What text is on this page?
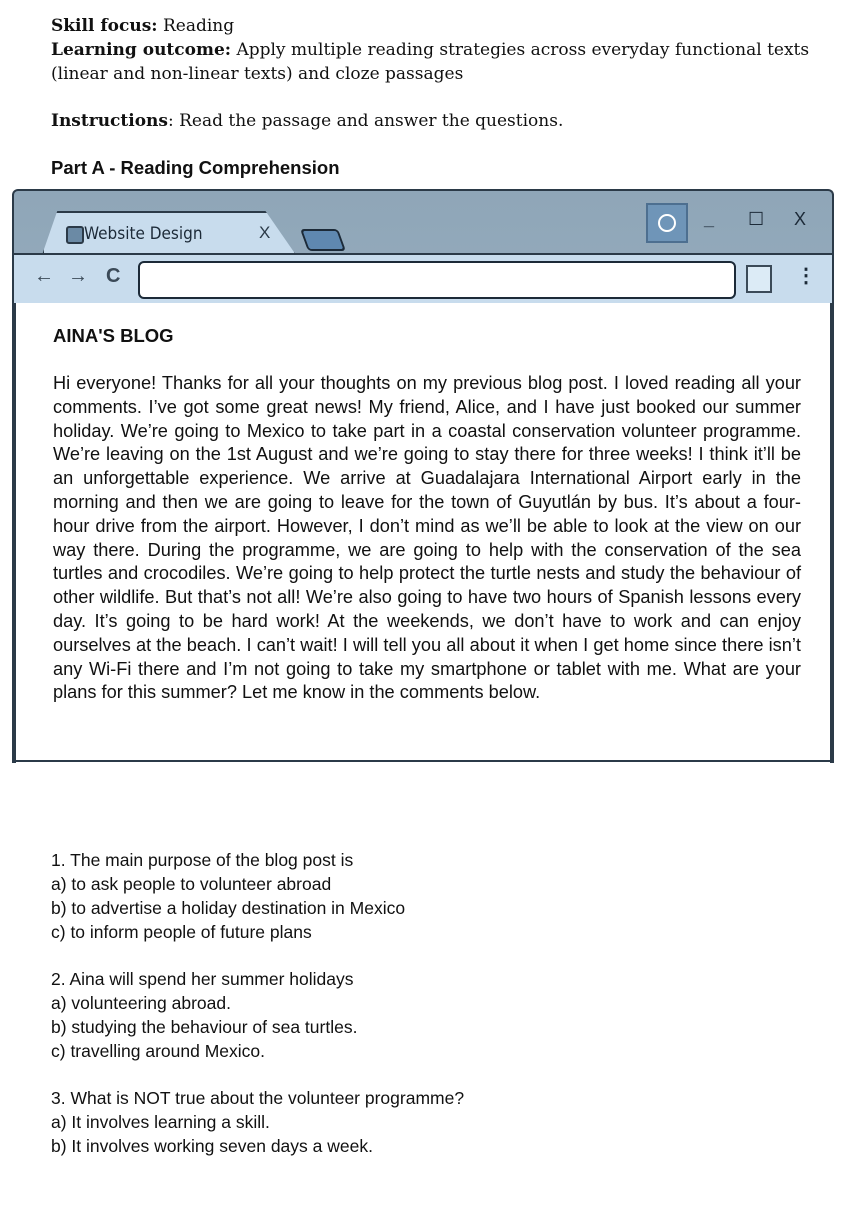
Skill focus: Reading
Learning outcome: Apply multiple reading strategies across everyday functional texts
(linear and non-linear texts) and cloze passages
Instructions: Read the passage and answer the questions.
Part A - Reading Comprehension
Website Design	X
_ ☐ X
← → C	⋮
AINA'S BLOG
Hi everyone! Thanks for all your thoughts on my previous blog post. I loved reading all your comments. I’ve got some great news! My friend, Alice, and I have just booked our summer holiday. We’re going to Mexico to take part in a coastal conservation volunteer programme. We’re leaving on the 1st August and we’re going to stay there for three weeks! I think it’ll be an unforgettable experience. We arrive at Guadalajara International Airport early in the morning and then we are going to leave for the town of Guyutlán by bus. It’s about a four-hour drive from the airport. However, I don’t mind as we’ll be able to look at the view on our way there. During the programme, we are going to help with the conservation of the sea turtles and crocodiles. We’re going to help protect the turtle nests and study the behaviour of other wildlife. But that’s not all! We’re also going to have two hours of Spanish lessons every day. It’s going to be hard work! At the weekends, we don’t have to work and can enjoy ourselves at the beach. I can’t wait! I will tell you all about it when I get home since there isn’t any Wi-Fi there and I’m not going to take my smartphone or tablet with me. What are your plans for this summer? Let me know in the comments below.
1. The main purpose of the blog post is
a) to ask people to volunteer abroad
b) to advertise a holiday destination in Mexico
c) to inform people of future plans
2. Aina will spend her summer holidays
a) volunteering abroad.
b) studying the behaviour of sea turtles.
c) travelling around Mexico.
3. What is NOT true about the volunteer programme?
a) It involves learning a skill.
b) It involves working seven days a week.
